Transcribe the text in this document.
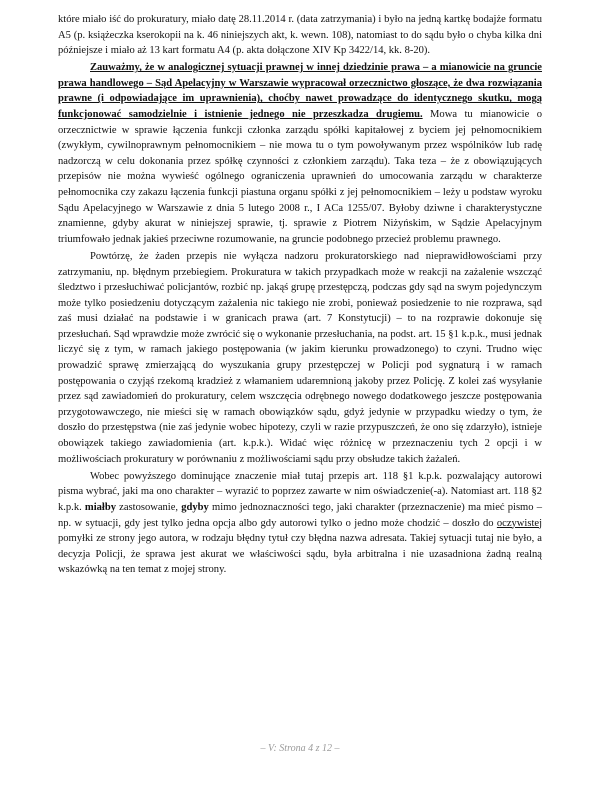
które miało iść do prokuratury, miało datę 28.11.2014 r. (data zatrzymania) i było na jedną kartkę bodajże formatu A5 (p. książeczka kserokopii na k. 46 niniejszych akt, k. wewn. 108), natomiast to do sądu było o chyba kilka dni późniejsze i miało aż 13 kart formatu A4 (p. akta dołączone XIV Kp 3422/14, kk. 8-20).

Zauważmy, że w analogicznej sytuacji prawnej w innej dziedzinie prawa – a mianowicie na gruncie prawa handlowego – Sąd Apelacyjny w Warszawie wypracował orzecznictwo głoszące, że dwa rozwiązania prawne (i odpowiadające im uprawnienia), choćby nawet prowadzące do identycznego skutku, mogą funkcjonować samodzielnie i istnienie jednego nie przeszkadza drugiemu. Mowa tu mianowicie o orzecznictwie w sprawie łączenia funkcji członka zarządu spółki kapitałowej z byciem jej pełnomocnikiem (zwykłym, cywilnoprawnym pełnomocnikiem – nie mowa tu o tym powoływanym przez wspólników lub radę nadzorczą w celu dokonania przez spółkę czynności z członkiem zarządu). Taka teza – że z obowiązujących przepisów nie można wywieść ogólnego ograniczenia uprawnień do umocowania zarządu w charakterze pełnomocnika czy zakazu łączenia funkcji piastuna organu spółki z jej pełnomocnikiem – leży u podstaw wyroku Sądu Apelacyjnego w Warszawie z dnia 5 lutego 2008 r., I ACa 1255/07. Byłoby dziwne i charakterystyczne znamienne, gdyby akurat w niniejszej sprawie, tj. sprawie z Piotrem Niżyńskim, w Sądzie Apelacyjnym triumfowało jednak jakieś przeciwne rozumowanie, na gruncie podobnego przecież problemu prawnego.

Powtórzę, że żaden przepis nie wyłącza nadzoru prokuratorskiego nad nieprawidłowościami przy zatrzymaniu, np. błędnym przebiegiem. Prokuratura w takich przypadkach może w reakcji na zażalenie wszcząć śledztwo i przesłuchiwać policjantów, rozbić np. jakąś grupę przestępczą, podczas gdy sąd na swym pojedynczym może tylko posiedzeniu dotyczącym zażalenia nic takiego nie zrobi, ponieważ posiedzenie to nie rozprawa, sąd zaś musi działać na podstawie i w granicach prawa (art. 7 Konstytucji) – to na rozprawie dokonuje się przesłuchań. Sąd wprawdzie może zwrócić się o wykonanie przesłuchania, na podst. art. 15 §1 k.p.k., musi jednak liczyć się z tym, w ramach jakiego postępowania (w jakim kierunku prowadzonego) to czyni. Trudno więc prowadzić sprawę zmierzającą do wyszukania grupy przestępczej w Policji pod sygnaturą i w ramach postępowania o czyjąś rzekomą kradzież z włamaniem udaremnioną jakoby przez Policję. Z kolei zaś wysyłanie przez sąd zawiadomień do prokuratury, celem wszczęcia odrębnego nowego dodatkowego jeszcze postępowania przygotowawczego, nie mieści się w ramach obowiązków sądu, gdyż jedynie w przypadku wiedzy o tym, że doszło do przestępstwa (nie zaś jedynie wobec hipotezy, czyli w razie przypuszczeń, że ono się zdarzyło), istnieje obowiązek takiego zawiadomienia (art. k.p.k.). Widać więc różnicę w przeznaczeniu tych 2 opcji i w możliwościach prokuratury w porównaniu z możliwościami sądu przy obsłudze takich żażaleń.

Wobec powyższego dominujące znaczenie miał tutaj przepis art. 118 §1 k.p.k. pozwalający autorowi pisma wybrać, jaki ma ono charakter – wyrazić to poprzez zawarte w nim oświadczenie(-a). Natomiast art. 118 §2 k.p.k. miałby zastosowanie, gdyby mimo jednoznaczności tego, jaki charakter (przeznaczenie) ma mieć pismo – np. w sytuacji, gdy jest tylko jedna opcja albo gdy autorowi tylko o jedno może chodzić – doszło do oczywistej pomyłki ze strony jego autora, w rodzaju błędny tytuł czy błędna nazwa adresata. Takiej sytuacji tutaj nie było, a decyzja Policji, że sprawa jest akurat we właściwości sądu, była arbitralna i nie uzasadniona żadną realną wskazówką na ten temat z mojej strony.

– V: Strona 4 z 12 –
